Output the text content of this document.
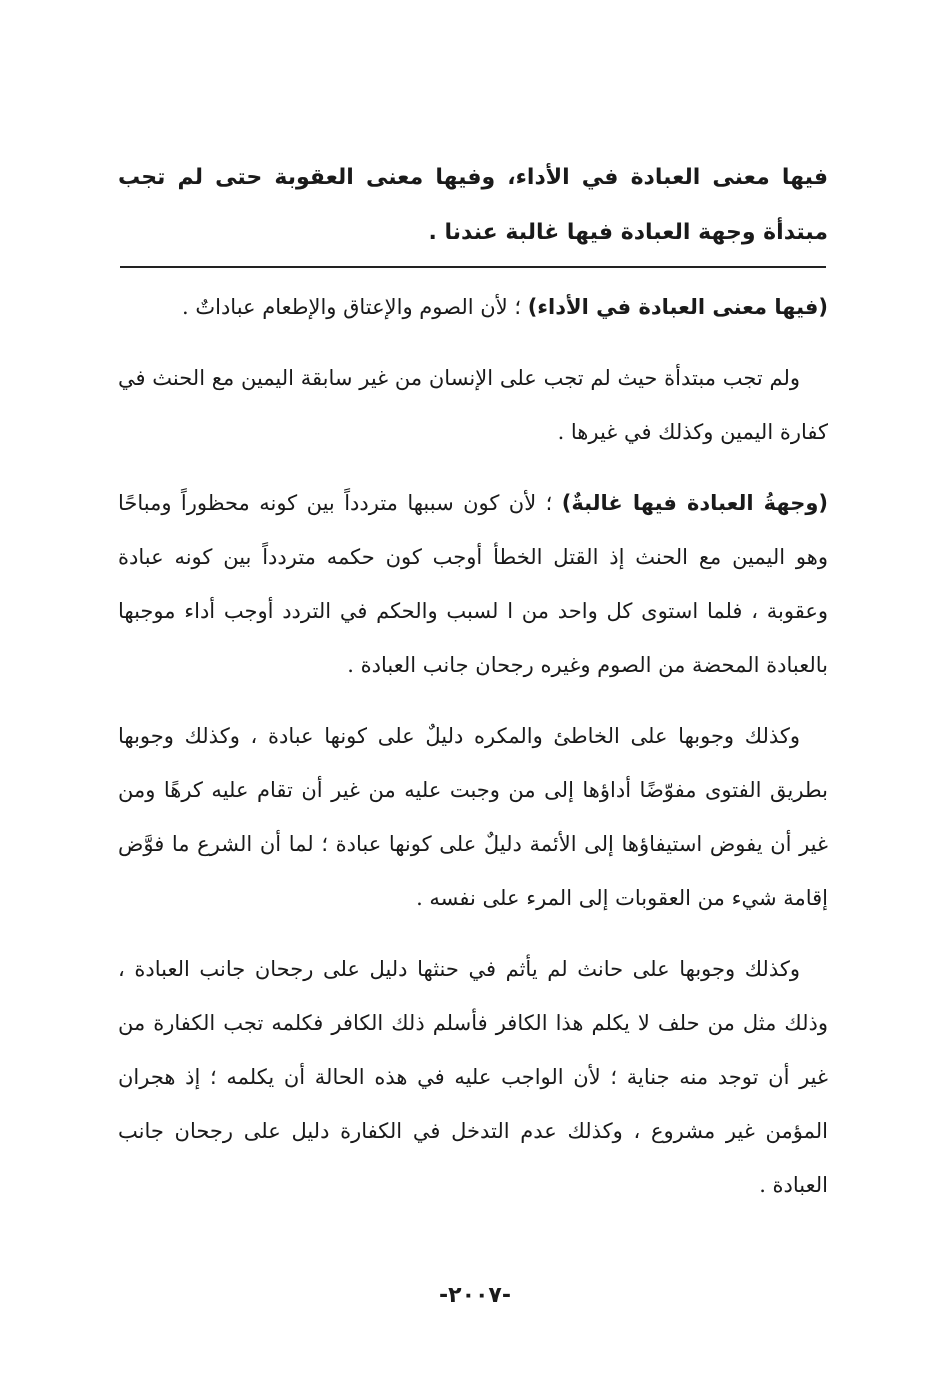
فيها معنى العبادة في الأداء، وفيها معنى العقوبة حتى لم تجب مبتدأة وجهة العبادة فيها غالبة عندنا .

(فيها معنى العبادة في الأداء) ؛ لأن الصوم والإعتاق والإطعام عباداتٌ .

ولم تجب مبتدأة حيث لم تجب على الإنسان من غير سابقة اليمين مع الحنث في كفارة اليمين وكذلك في غيرها .

(وجهةُ العبادة فيها غالبةٌ) ؛ لأن كون سببها متردداً بين كونه محظوراً ومباحًا وهو اليمين مع الحنث إذ القتل الخطأ أوجب كون حكمه متردداً بين كونه عبادة وعقوبة ، فلما استوى كل واحد من ا لسبب والحكم في التردد أوجب أداء موجبها بالعبادة المحضة من الصوم وغيره رجحان جانب العبادة .

وكذلك وجوبها على الخاطئ والمكره دليلٌ على كونها عبادة ، وكذلك وجوبها بطريق الفتوى مفوّضًا أداؤها إلى من وجبت عليه من غير أن تقام عليه كرهًا ومن غير أن يفوض استيفاؤها إلى الأئمة دليلٌ على كونها عبادة ؛ لما أن الشرع ما فوَّض إقامة شيء من العقوبات إلى المرء على نفسه .

وكذلك وجوبها على حانث لم يأثم في حنثها دليل على رجحان جانب العبادة ، وذلك مثل من حلف لا يكلم هذا الكافر فأسلم ذلك الكافر فكلمه تجب الكفارة من غير أن توجد منه جناية ؛ لأن الواجب عليه في هذه الحالة أن يكلمه ؛ إذ هجران المؤمن غير مشروع ، وكذلك عدم التدخل في الكفارة دليل على رجحان جانب العبادة .

-٢٠٠٧-
